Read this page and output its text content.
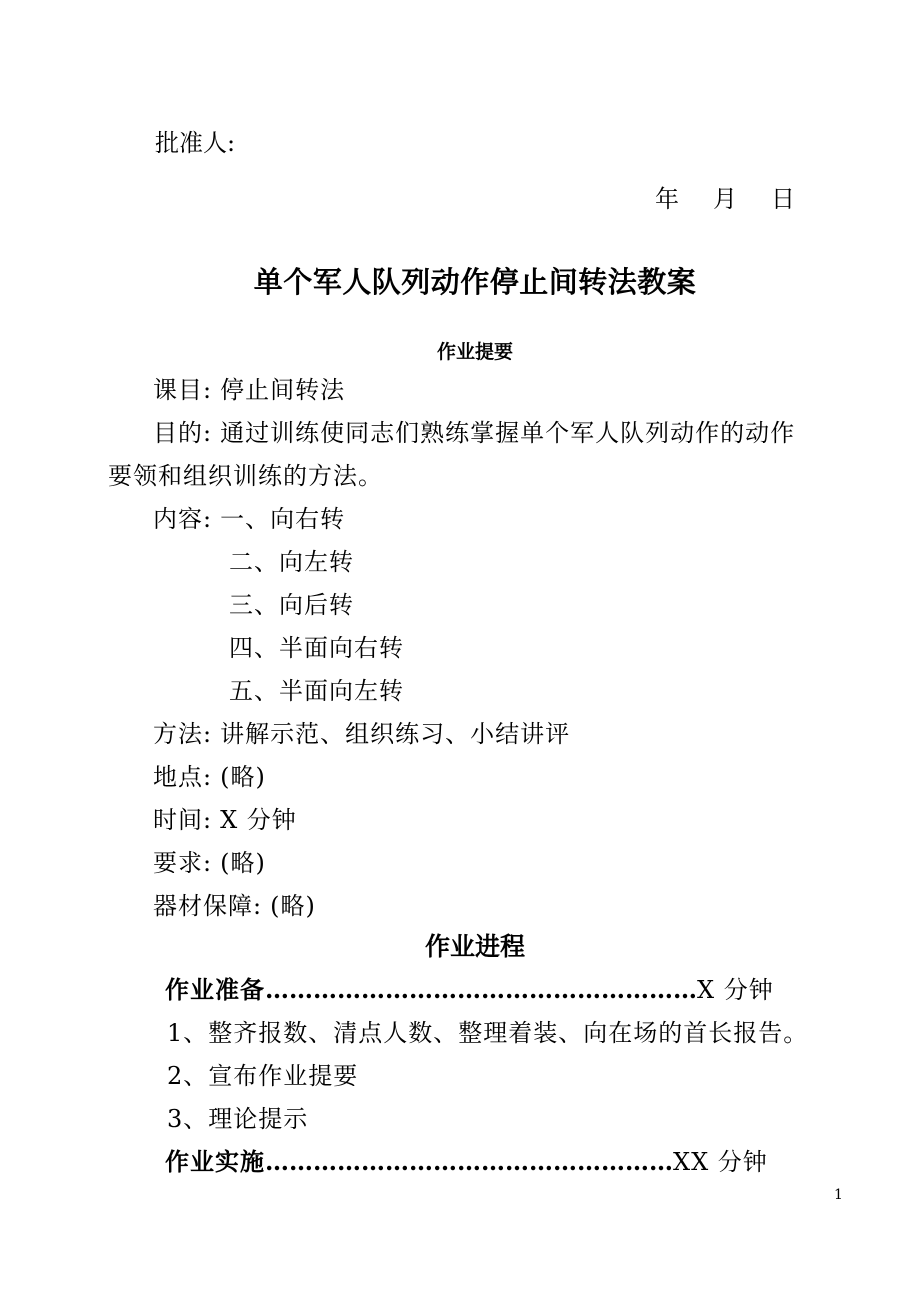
批准人:
年 月 日
单个军人队列动作停止间转法教案
作业提要
课目: 停止间转法
目的: 通过训练使同志们熟练掌握单个军人队列动作的动作
要领和组织训练的方法。
内容: 一、向右转
二、向左转
三、向后转
四、半面向右转
五、半面向左转
方法: 讲解示范、组织练习、小结讲评
地点: (略)
时间: X 分钟
要求: (略)
器材保障: (略)
作业进程
作业准备………………………………………………X 分钟
1、整齐报数、清点人数、整理着装、向在场的首长报告。
2、宣布作业提要
3、理论提示
作业实施……………………………………………XX 分钟
1
